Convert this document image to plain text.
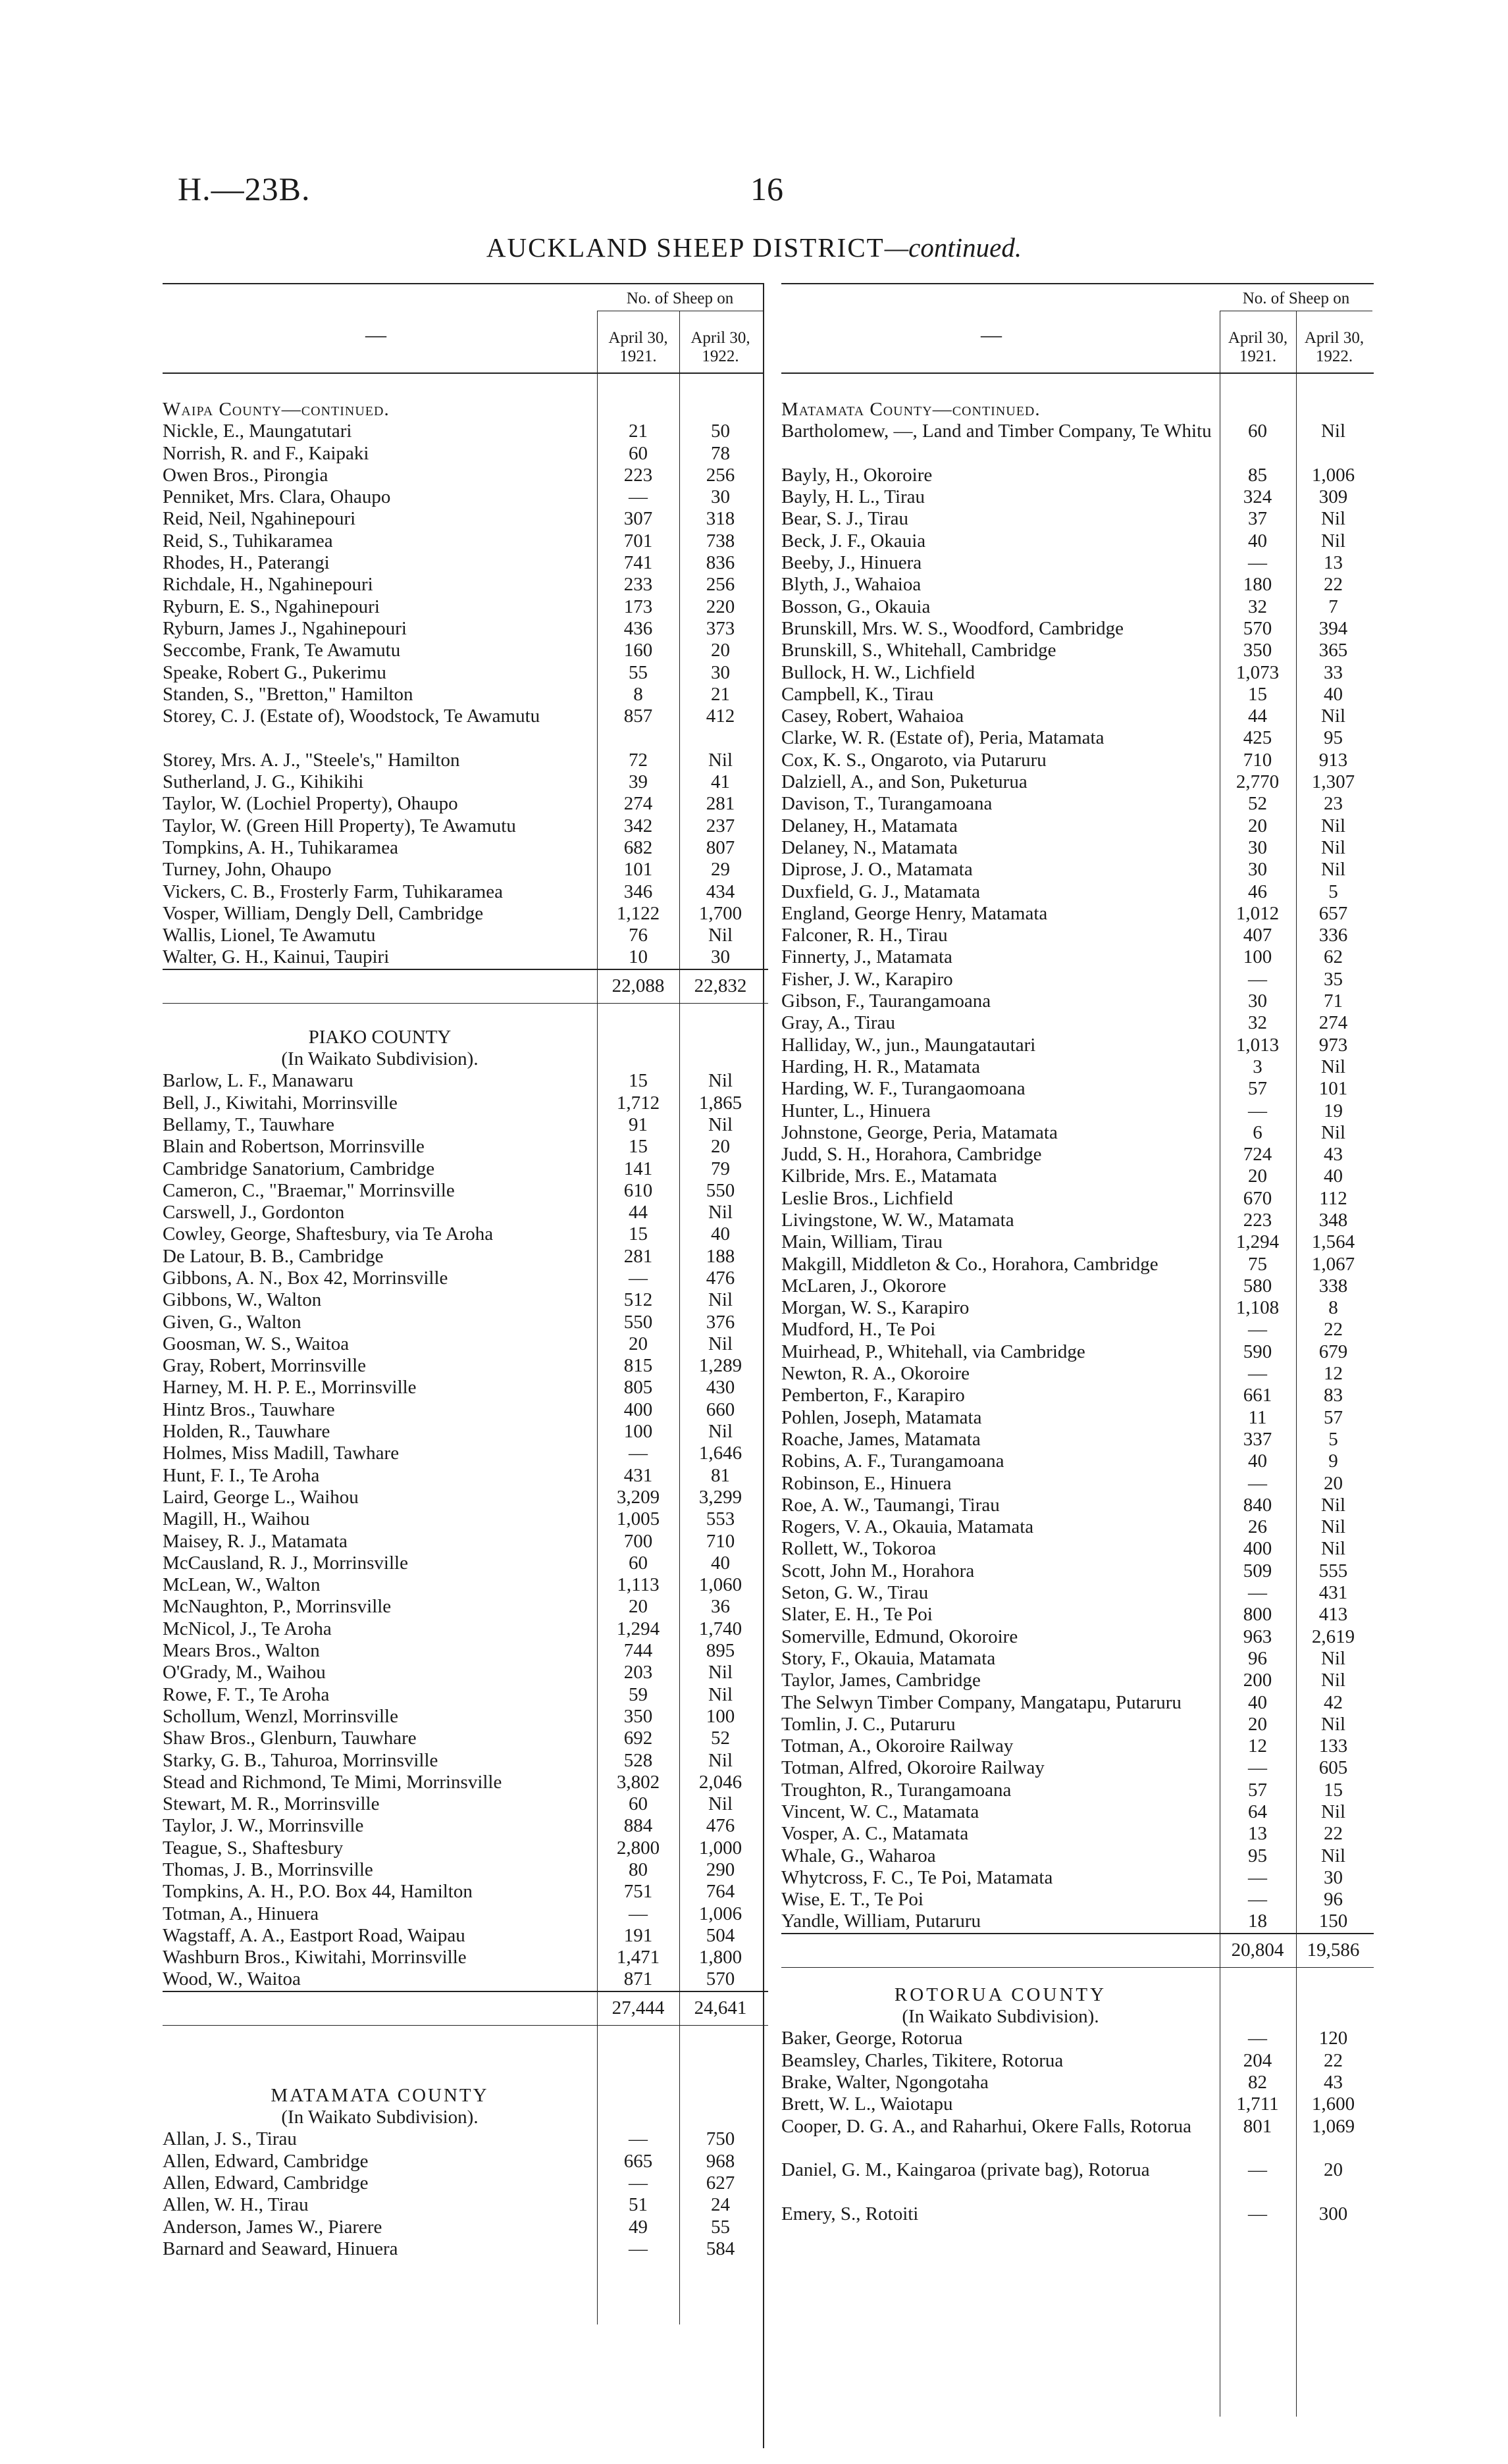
H.—23B.	16
AUCKLAND SHEEP DISTRICT—continued.
No. of Sheep on
April 30, 1921.
April 30, 1922.
No. of Sheep on
April 30, 1921.
April 30, 1922.
—	—
Waipa County—continued.
Nickle, E., Maungatutari	21	50
Norrish, R. and F., Kaipaki	60	78
Owen Bros., Pirongia	223	256
Penniket, Mrs. Clara, Ohaupo	—	30
Reid, Neil, Ngahinepouri	307	318
Reid, S., Tuhikaramea	701	738
Rhodes, H., Paterangi	741	836
Richdale, H., Ngahinepouri	233	256
Ryburn, E. S., Ngahinepouri	173	220
Ryburn, James J., Ngahinepouri	436	373
Seccombe, Frank, Te Awamutu	160	20
Speake, Robert G., Pukerimu	55	30
Standen, S., "Bretton," Hamilton	8	21
Storey, C. J. (Estate of), Woodstock, Te Awamutu	857	412
Storey, Mrs. A. J., "Steele's," Hamilton	72	Nil
Sutherland, J. G., Kihikihi	39	41
Taylor, W. (Lochiel Property), Ohaupo	274	281
Taylor, W. (Green Hill Property), Te Awamutu	342	237
Tompkins, A. H., Tuhikaramea	682	807
Turney, John, Ohaupo	101	29
Vickers, C. B., Frosterly Farm, Tuhikaramea	346	434
Vosper, William, Dengly Dell, Cambridge	1,122	1,700
Wallis, Lionel, Te Awamutu	76	Nil
Walter, G. H., Kainui, Taupiri	10	30
22,088	22,832
PIAKO COUNTY
(In Waikato Subdivision).
Barlow, L. F., Manawaru	15	Nil
Bell, J., Kiwitahi, Morrinsville	1,712	1,865
Bellamy, T., Tauwhare	91	Nil
Blain and Robertson, Morrinsville	15	20
Cambridge Sanatorium, Cambridge	141	79
Cameron, C., "Braemar," Morrinsville	610	550
Carswell, J., Gordonton	44	Nil
Cowley, George, Shaftesbury, via Te Aroha	15	40
De Latour, B. B., Cambridge	281	188
Gibbons, A. N., Box 42, Morrinsville	—	476
Gibbons, W., Walton	512	Nil
Given, G., Walton	550	376
Goosman, W. S., Waitoa	20	Nil
Gray, Robert, Morrinsville	815	1,289
Harney, M. H. P. E., Morrinsville	805	430
Hintz Bros., Tauwhare	400	660
Holden, R., Tauwhare	100	Nil
Holmes, Miss Madill, Tawhare	—	1,646
Hunt, F. I., Te Aroha	431	81
Laird, George L., Waihou	3,209	3,299
Magill, H., Waihou	1,005	553
Maisey, R. J., Matamata	700	710
McCausland, R. J., Morrinsville	60	40
McLean, W., Walton	1,113	1,060
McNaughton, P., Morrinsville	20	36
McNicol, J., Te Aroha	1,294	1,740
Mears Bros., Walton	744	895
O'Grady, M., Waihou	203	Nil
Rowe, F. T., Te Aroha	59	Nil
Schollum, Wenzl, Morrinsville	350	100
Shaw Bros., Glenburn, Tauwhare	692	52
Starky, G. B., Tahuroa, Morrinsville	528	Nil
Stead and Richmond, Te Mimi, Morrinsville	3,802	2,046
Stewart, M. R., Morrinsville	60	Nil
Taylor, J. W., Morrinsville	884	476
Teague, S., Shaftesbury	2,800	1,000
Thomas, J. B., Morrinsville	80	290
Tompkins, A. H., P.O. Box 44, Hamilton	751	764
Totman, A., Hinuera	—	1,006
Wagstaff, A. A., Eastport Road, Waipau	191	504
Washburn Bros., Kiwitahi, Morrinsville	1,471	1,800
Wood, W., Waitoa	871	570
27,444	24,641
MATAMATA COUNTY
(In Waikato Subdivision).
Allan, J. S., Tirau	—	750
Allen, Edward, Cambridge	665	968
Allen, Edward, Cambridge	—	627
Allen, W. H., Tirau	51	24
Anderson, James W., Piarere	49	55
Barnard and Seaward, Hinuera	—	584
Matamata County—continued.
Bartholomew, —, Land and Timber Company, Te Whitu	60	Nil
Bayly, H., Okoroire	85	1,006
Bayly, H. L., Tirau	324	309
Bear, S. J., Tirau	37	Nil
Beck, J. F., Okauia	40	Nil
Beeby, J., Hinuera	—	13
Blyth, J., Wahaioa	180	22
Bosson, G., Okauia	32	7
Brunskill, Mrs. W. S., Woodford, Cambridge	570	394
Brunskill, S., Whitehall, Cambridge	350	365
Bullock, H. W., Lichfield	1,073	33
Campbell, K., Tirau	15	40
Casey, Robert, Wahaioa	44	Nil
Clarke, W. R. (Estate of), Peria, Matamata	425	95
Cox, K. S., Ongaroto, via Putaruru	710	913
Dalziell, A., and Son, Puketurua	2,770	1,307
Davison, T., Turangamoana	52	23
Delaney, H., Matamata	20	Nil
Delaney, N., Matamata	30	Nil
Diprose, J. O., Matamata	30	Nil
Duxfield, G. J., Matamata	46	5
England, George Henry, Matamata	1,012	657
Falconer, R. H., Tirau	407	336
Finnerty, J., Matamata	100	62
Fisher, J. W., Karapiro	—	35
Gibson, F., Taurangamoana	30	71
Gray, A., Tirau	32	274
Halliday, W., jun., Maungatautari	1,013	973
Harding, H. R., Matamata	3	Nil
Harding, W. F., Turangaomoana	57	101
Hunter, L., Hinuera	—	19
Johnstone, George, Peria, Matamata	6	Nil
Judd, S. H., Horahora, Cambridge	724	43
Kilbride, Mrs. E., Matamata	20	40
Leslie Bros., Lichfield	670	112
Livingstone, W. W., Matamata	223	348
Main, William, Tirau	1,294	1,564
Makgill, Middleton & Co., Horahora, Cambridge	75	1,067
McLaren, J., Okorore	580	338
Morgan, W. S., Karapiro	1,108	8
Mudford, H., Te Poi	—	22
Muirhead, P., Whitehall, via Cambridge	590	679
Newton, R. A., Okoroire	—	12
Pemberton, F., Karapiro	661	83
Pohlen, Joseph, Matamata	11	57
Roache, James, Matamata	337	5
Robins, A. F., Turangamoana	40	9
Robinson, E., Hinuera	—	20
Roe, A. W., Taumangi, Tirau	840	Nil
Rogers, V. A., Okauia, Matamata	26	Nil
Rollett, W., Tokoroa	400	Nil
Scott, John M., Horahora	509	555
Seton, G. W., Tirau	—	431
Slater, E. H., Te Poi	800	413
Somerville, Edmund, Okoroire	963	2,619
Story, F., Okauia, Matamata	96	Nil
Taylor, James, Cambridge	200	Nil
The Selwyn Timber Company, Mangatapu, Putaruru	40	42
Tomlin, J. C., Putaruru	20	Nil
Totman, A., Okoroire Railway	12	133
Totman, Alfred, Okoroire Railway	—	605
Troughton, R., Turangamoana	57	15
Vincent, W. C., Matamata	64	Nil
Vosper, A. C., Matamata	13	22
Whale, G., Waharoa	95	Nil
Whytcross, F. C., Te Poi, Matamata	—	30
Wise, E. T., Te Poi	—	96
Yandle, William, Putaruru	18	150
20,804	19,586
ROTORUA COUNTY
(In Waikato Subdivision).
Baker, George, Rotorua	—	120
Beamsley, Charles, Tikitere, Rotorua	204	22
Brake, Walter, Ngongotaha	82	43
Brett, W. L., Waiotapu	1,711	1,600
Cooper, D. G. A., and Raharhui, Okere Falls, Rotorua	801	1,069
Daniel, G. M., Kaingaroa (private bag), Rotorua	—	20
Emery, S., Rotoiti	—	300
